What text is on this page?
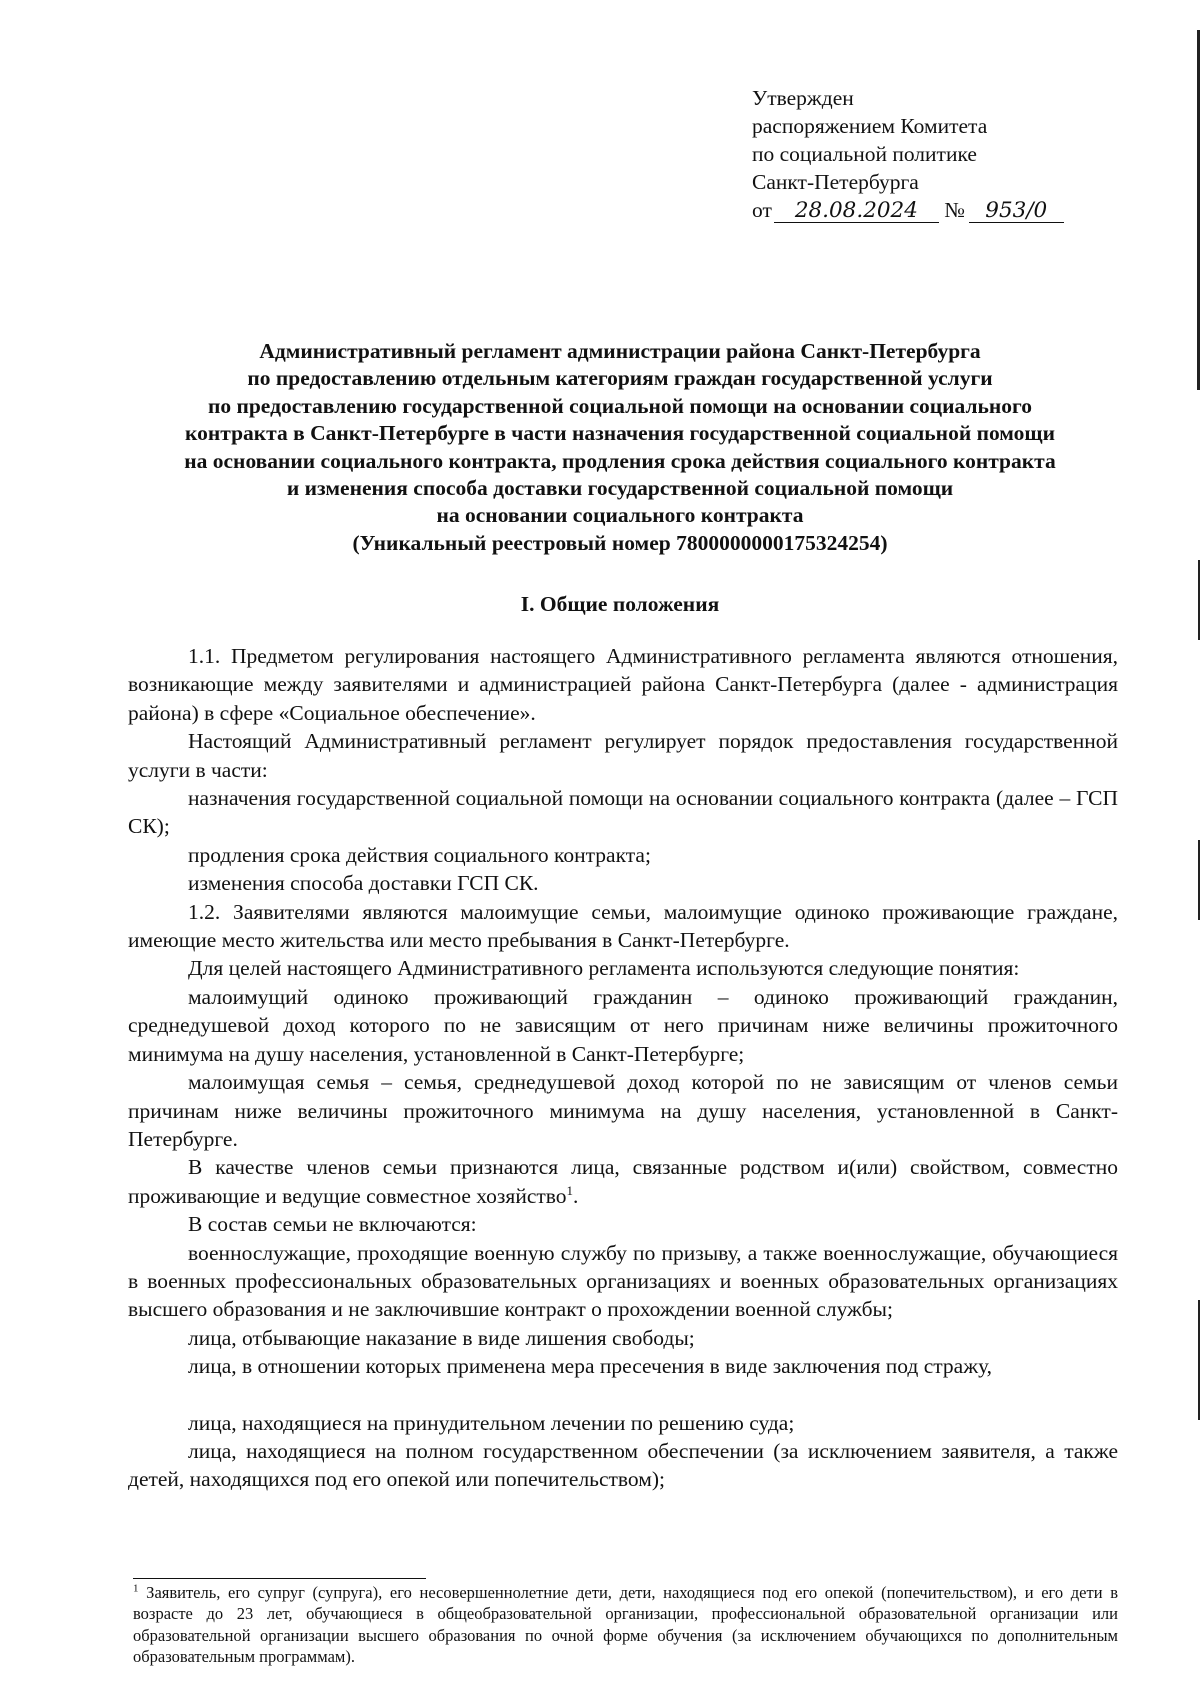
Утвержден
распоряжением Комитета
по социальной политике
Санкт-Петербурга
от 28.08.2024 № 953/0
Административный регламент администрации района Санкт-Петербурга
по предоставлению отдельным категориям граждан государственной услуги
по предоставлению государственной социальной помощи на основании социального
контракта в Санкт-Петербурге в части назначения государственной социальной помощи
на основании социального контракта, продления срока действия социального контракта
и изменения способа доставки государственной социальной помощи
на основании социального контракта
(Уникальный реестровый номер 7800000000175324254)
I. Общие положения

1.1. Предметом регулирования настоящего Административного регламента являются отношения, возникающие между заявителями и администрацией района Санкт-Петербурга (далее - администрация района) в сфере «Социальное обеспечение».

Настоящий Административный регламент регулирует порядок предоставления государственной услуги в части:

назначения государственной социальной помощи на основании социального контракта (далее – ГСП СК);

продления срока действия социального контракта;

изменения способа доставки ГСП СК.

1.2. Заявителями являются малоимущие семьи, малоимущие одиноко проживающие граждане, имеющие место жительства или место пребывания в Санкт-Петербурге.

Для целей настоящего Административного регламента используются следующие понятия:

малоимущий одиноко проживающий гражданин – одиноко проживающий гражданин, среднедушевой доход которого по не зависящим от него причинам ниже величины прожиточного минимума на душу населения, установленной в Санкт-Петербурге;

малоимущая семья – семья, среднедушевой доход которой по не зависящим от членов семьи причинам ниже величины прожиточного минимума на душу населения, установленной в Санкт-Петербурге.

В качестве членов семьи признаются лица, связанные родством и(или) свойством, совместно проживающие и ведущие совместное хозяйство$^1$.

В состав семьи не включаются:

военнослужащие, проходящие военную службу по призыву, а также военнослужащие, обучающиеся в военных профессиональных образовательных организациях и военных образовательных организациях высшего образования и не заключившие контракт о прохождении военной службы;

лица, отбывающие наказание в виде лишения свободы;

лица, в отношении которых применена мера пресечения в виде заключения под стражу,

лица, находящиеся на принудительном лечении по решению суда;

лица, находящиеся на полном государственном обеспечении (за исключением заявителя, а также детей, находящихся под его опекой или попечительством);

$^1$ Заявитель, его супруг (супруга), его несовершеннолетние дети, дети, находящиеся под его опекой (попечительством), и его дети в возрасте до 23 лет, обучающиеся в общеобразовательной организации, профессиональной образовательной организации или образовательной организации высшего образования по очной форме обучения (за исключением обучающихся по дополнительным образовательным программам).
